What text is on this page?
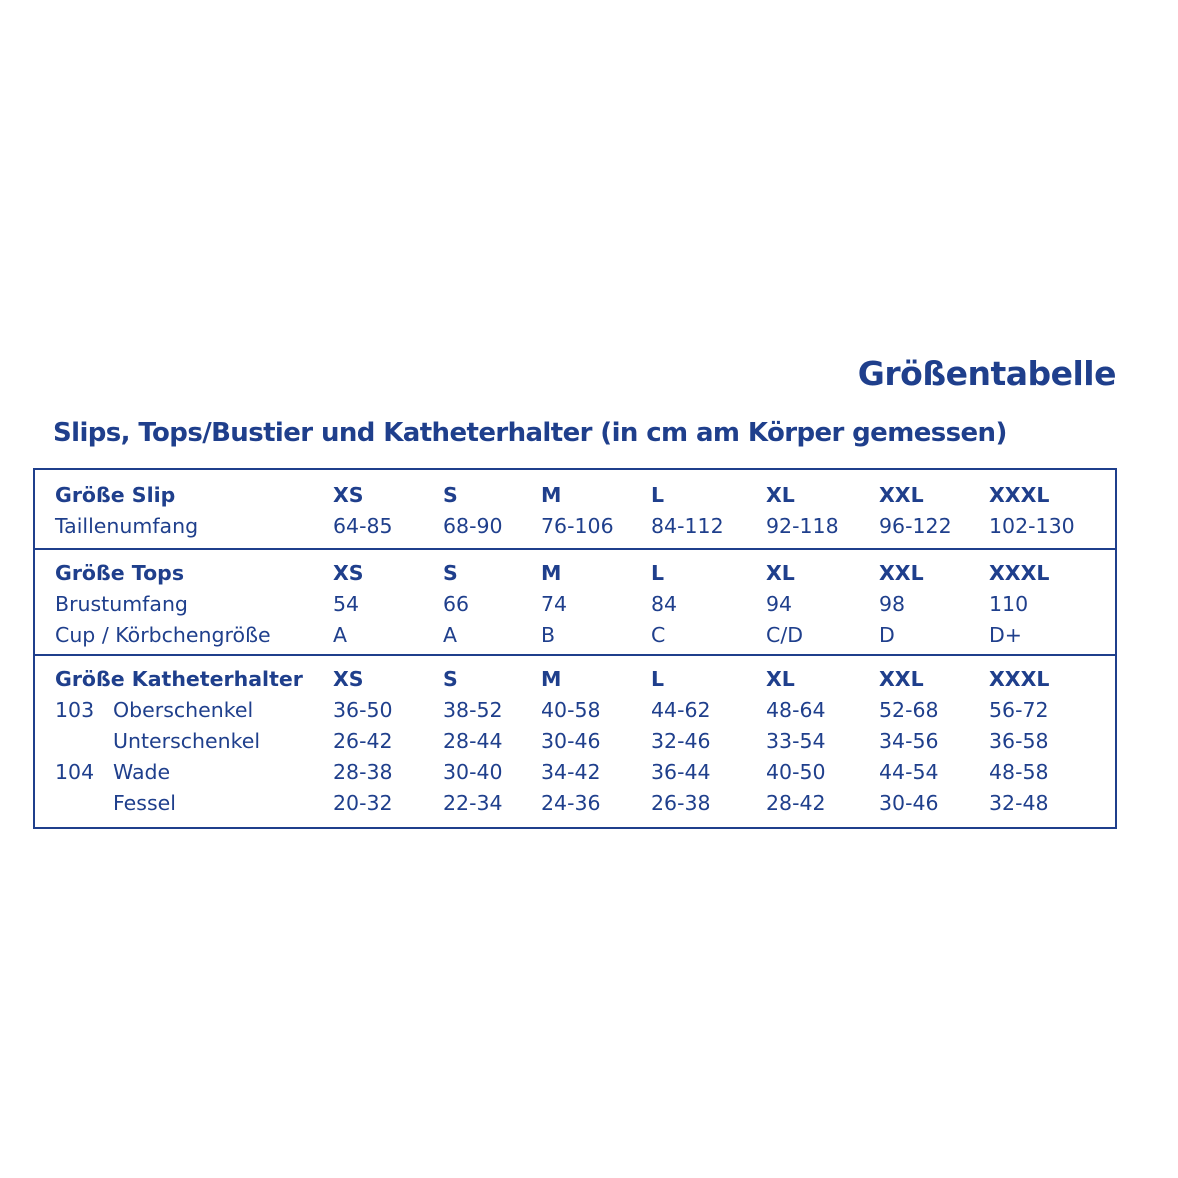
Größentabelle
Slips, Tops/Bustier und Katheterhalter (in cm am Körper gemessen)
Größe Slip	XS	S	M	L	XL	XXL	XXXL
Taillenumfang	64-85 68-90 76-106 84-112 92-118 96-122 102-130
Größe Tops	XS	S	M	L	XL	XXL	XXXL
Brustumfang	54	66	74	84	94	98	110
Cup / Körbchengröße	A	A	B	C	C/D	D	D+
Größe Katheterhalter XS	S	M	L	XL	XXL	XXXL
103 Oberschenkel	36-50 38-52 40-58 44-62	48-64	52-68 56-72
Unterschenkel	26-42 28-44 30-46 32-46	33-54	34-56 36-58
104 Wade	28-38 30-40 34-42 36-44	40-50	44-54 48-58
Fessel	20-32 22-34 24-36 26-38	28-42	30-46 32-48
